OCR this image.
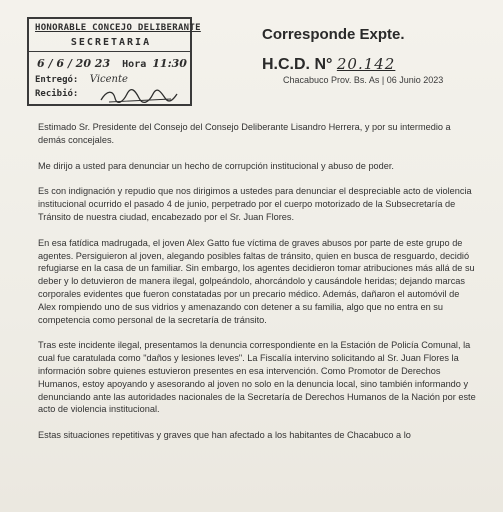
HONORABLE CONCEJO DELIBERANTE
SECRETARIA
6 / 6 / 20 23 Hora 11:30
Entregó: Vicente
Recibió:
Corresponde Expte.
H.C.D. N° 20.142
Chacabuco Prov. Bs. As | 06 Junio 2023

Estimado Sr. Presidente del Consejo del Consejo Deliberante Lisandro Herrera, y por su intermedio a demás concejales.

Me dirijo a usted para denunciar un hecho de corrupción institucional y abuso de poder.

Es con indignación y repudio que nos dirigimos a ustedes para denunciar el despreciable acto de violencia institucional ocurrido el pasado 4 de junio, perpetrado por el cuerpo motorizado de la Subsecretaría de Tránsito de nuestra ciudad, encabezado por el Sr. Juan Flores.

En esa fatídica madrugada, el joven Alex Gatto fue víctima de graves abusos por parte de este grupo de agentes. Persiguieron al joven, alegando posibles faltas de tránsito, quien en busca de resguardo, decidió refugiarse en la casa de un familiar. Sin embargo, los agentes decidieron tomar atribuciones más allá de su deber y lo detuvieron de manera ilegal, golpeándolo, ahorcándolo y causándole heridas; dejando marcas corporales evidentes que fueron constatadas por un precario médico. Además, dañaron el automóvil de Alex rompiendo uno de sus vidrios y amenazando con detener a su familia, algo que no entra en su competencia como personal de la secretaría de tránsito.

Tras este incidente ilegal, presentamos la denuncia correspondiente en la Estación de Policía Comunal, la cual fue caratulada como "daños y lesiones leves". La Fiscalía intervino solicitando al Sr. Juan Flores la información sobre quienes estuvieron presentes en esa intervención. Como Promotor de Derechos Humanos, estoy apoyando y asesorando al joven no solo en la denuncia local, sino también informando y denunciando ante las autoridades nacionales de la Secretaría de Derechos Humanos de la Nación por este acto de violencia institucional.

Estas situaciones repetitivas y graves que han afectado a los habitantes de Chacabuco a lo
